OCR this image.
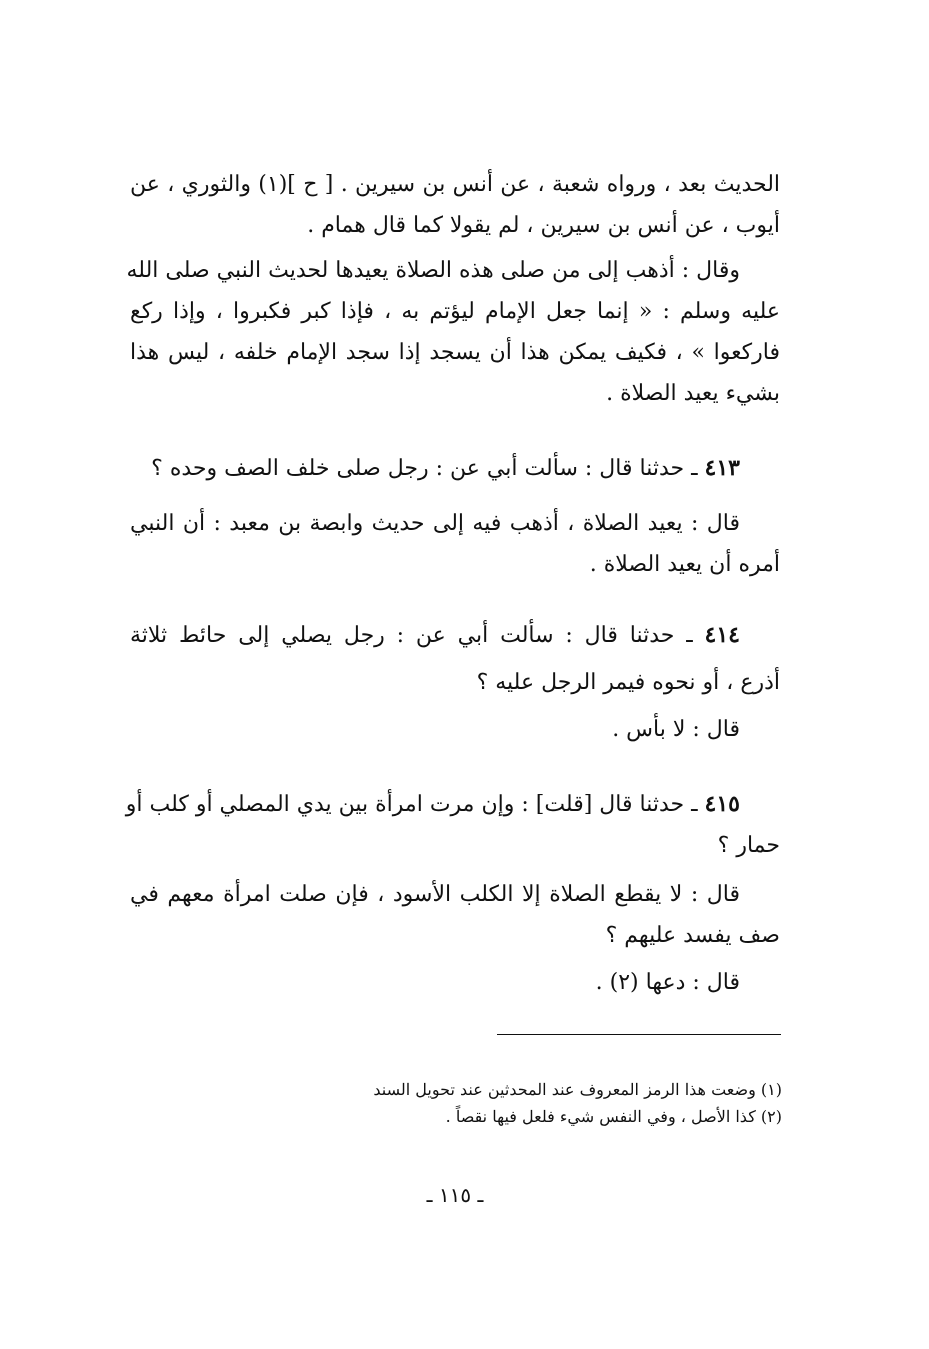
الحديث بعد ، ورواه شعبة ، عن أنس بن سيرين . [ ح ](١) والثوري ، عن
أيوب ، عن أنس بن سيرين ، لم يقولا كما قال همام .
وقال : أذهب إلى من صلى هذه الصلاة يعيدها لحديث النبي صلى الله
عليه وسلم : « إنما جعل الإمام ليؤتم به ، فإذا كبر فكبروا ، وإذا ركع
فاركعوا » ، فكيف يمكن هذا أن يسجد إذا سجد الإمام خلفه ، ليس هذا
بشيء يعيد الصلاة .
٤١٣ ـ حدثنا قال : سألت أبي عن : رجل صلى خلف الصف وحده ؟
قال : يعيد الصلاة ، أذهب فيه إلى حديث وابصة بن معبد : أن النبي
أمره أن يعيد الصلاة .
٤١٤ ـ حدثنا قال : سألت أبي عن : رجل يصلي إلى حائط ثلاثة
أذرع ، أو نحوه فيمر الرجل عليه ؟
قال : لا بأس .
٤١٥ ـ حدثنا قال [قلت] : وإن مرت امرأة بين يدي المصلي أو كلب أو
حمار ؟
قال : لا يقطع الصلاة إلا الكلب الأسود ، فإن صلت امرأة معهم في
صف يفسد عليهم ؟
قال : دعها (٢) .
(١) وضعت هذا الرمز المعروف عند المحدثين عند تحويل السند
(٢) كذا الأصل ، وفي النفس شيء فلعل فيها نقصاً .
ـ ١١٥ ـ
